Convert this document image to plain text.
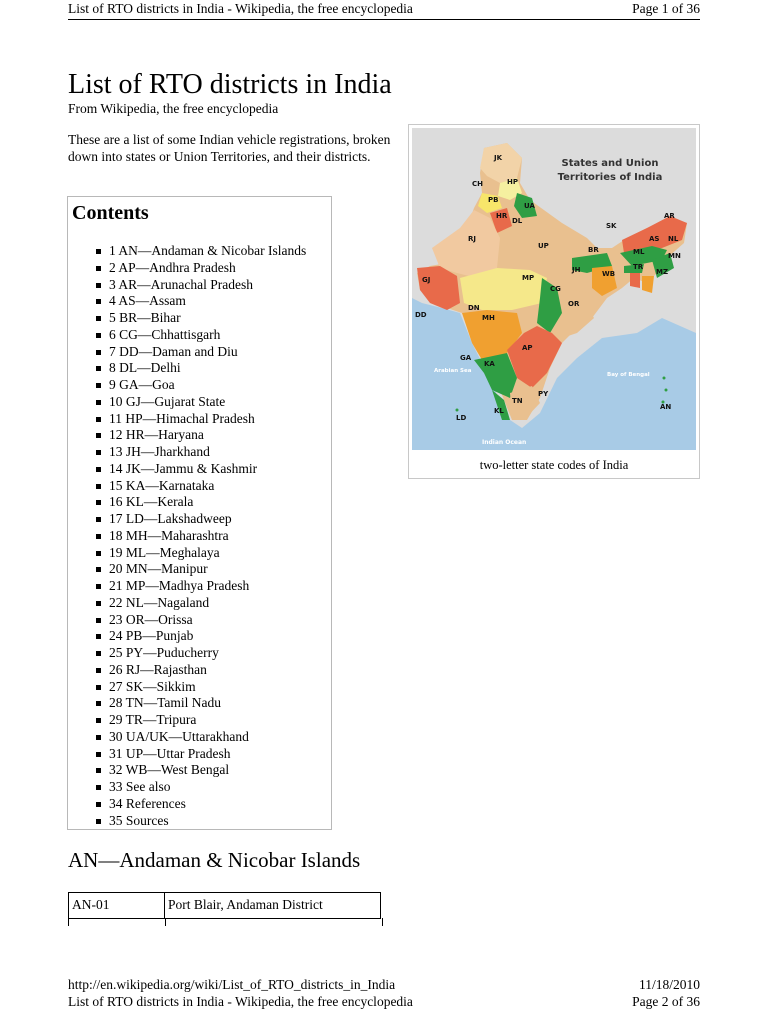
List of RTO districts in India - Wikipedia, the free encyclopedia	Page 1 of 36
List of RTO districts in India
From Wikipedia, the free encyclopedia
These are a list of some Indian vehicle registrations, broken down into states or Union Territories, and their districts.
Contents
1 AN—Andaman & Nicobar Islands
2 AP—Andhra Pradesh
3 AR—Arunachal Pradesh
4 AS—Assam
5 BR—Bihar
6 CG—Chhattisgarh
7 DD—Daman and Diu
8 DL—Delhi
9 GA—Goa
10 GJ—Gujarat State
11 HP—Himachal Pradesh
12 HR—Haryana
13 JH—Jharkhand
14 JK—Jammu & Kashmir
15 KA—Karnataka
16 KL—Kerala
17 LD—Lakshadweep
18 MH—Maharashtra
19 ML—Meghalaya
20 MN—Manipur
21 MP—Madhya Pradesh
22 NL—Nagaland
23 OR—Orissa
24 PB—Punjab
25 PY—Puducherry
26 RJ—Rajasthan
27 SK—Sikkim
28 TN—Tamil Nadu
29 TR—Tripura
30 UA/UK—Uttarakhand
31 UP—Uttar Pradesh
32 WB—West Bengal
33 See also
34 References
35 Sources
States and Union
Territories of India
Arabian Sea
Bay of Bengal
Indian Ocean
JK
HP
CH
PB
UA
HR
DL
RJ
UP
SK
AR
AS NL
ML	MN
TR
MZ
BR
JH	WB
GJ	MP
CG
OR
DD
DN
MH
AP
GA
KA
PY
TN
KL
LD
AN
two-letter state codes of India
AN—Andaman & Nicobar Islands
AN-01	Port Blair, Andaman District
http://en.wikipedia.org/wiki/List_of_RTO_districts_in_India	11/18/2010
List of RTO districts in India - Wikipedia, the free encyclopedia	Page 2 of 36
